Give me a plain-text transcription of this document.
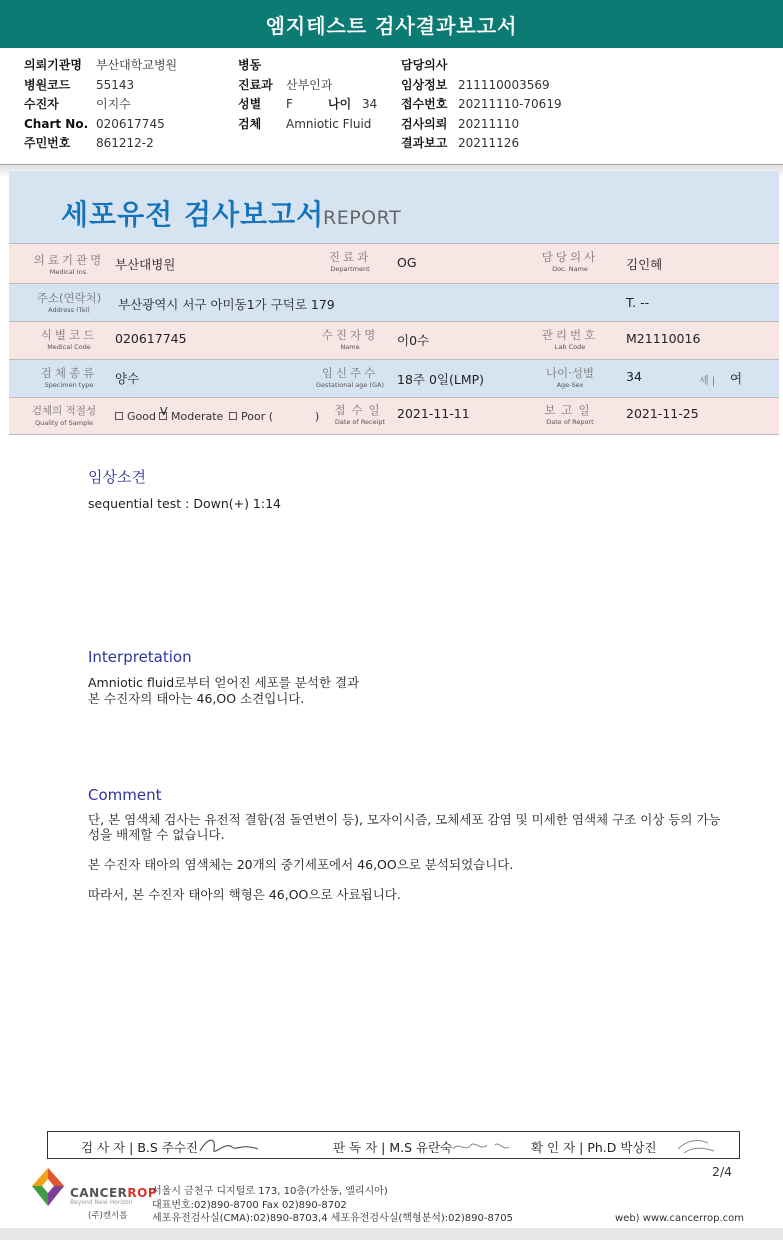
엠지테스트 검사결과보고서
의뢰기관명	부산대학교병원
병원코드	55143
수진자	이지수
Chart No. 020617745
주민번호	861212-2
병동
진료과	산부인과
성별	F	나이 34
검체	Amniotic Fluid
담당의사
임상정보 211110003569
접수번호 20211110-70619
검사의뢰 20211110
결과보고 20211126
세포유전 검사보고서
REPORT
의료기관명
Medical Ins.	부산대병원	진료과
Department	OG	담당의사
Doc. Name	김인혜
주소(연락처)
Address (Tel)	부산광역시 서구 아미동1가 구덕로 179	T. --
식별코드
Medical Code
020617745	수진자명
Name	이0수	관리번호
Lab Code
M21110016
검체종류
Specimen type	양수	임신주수
Gestational age (GA)	18주 0일(LMP)	나이·성별
Age-Sex
34	세 | 여
검체의 적절성
Quality of Sample	Good
V	Moderate	Poor (	)	접수일
Date of Receipt
2021-11-11	보고일
Date of Report
2021-11-25
임상소견
sequential test : Down(+) 1:14
Interpretation
Amniotic fluid로부터 얻어진 세포를 분석한 결과
본 수진자의 태아는 46,OO 소견입니다.
Comment
단, 본 염색체 검사는 유전적 결함(점 돌연변이 등), 모자이시즘, 모체세포 감염 및 미세한 염색체 구조 이상 등의 가능
성을 배제할 수 없습니다.
본 수진자 태아의 염색체는 20개의 중기세포에서 46,OO으로 분석되었습니다.
따라서, 본 수진자 태아의 핵형은 46,OO으로 사료됩니다.
검 사 자 | B.S 주수진	판 독 자 | M.S 유란숙	확 인 자 | Ph.D 박상진
2/4
CANCERROP
Beyond New Horizon
(주)캔서롭
서울시 금천구 디지털로 173, 10층(가산동, 엘리시아)
대표번호:02)890-8700 Fax 02)890-8702
세포유전검사실(CMA):02)890-8703,4 세포유전검사실(핵형분석):02)890-8705	web) www.cancerrop.com
